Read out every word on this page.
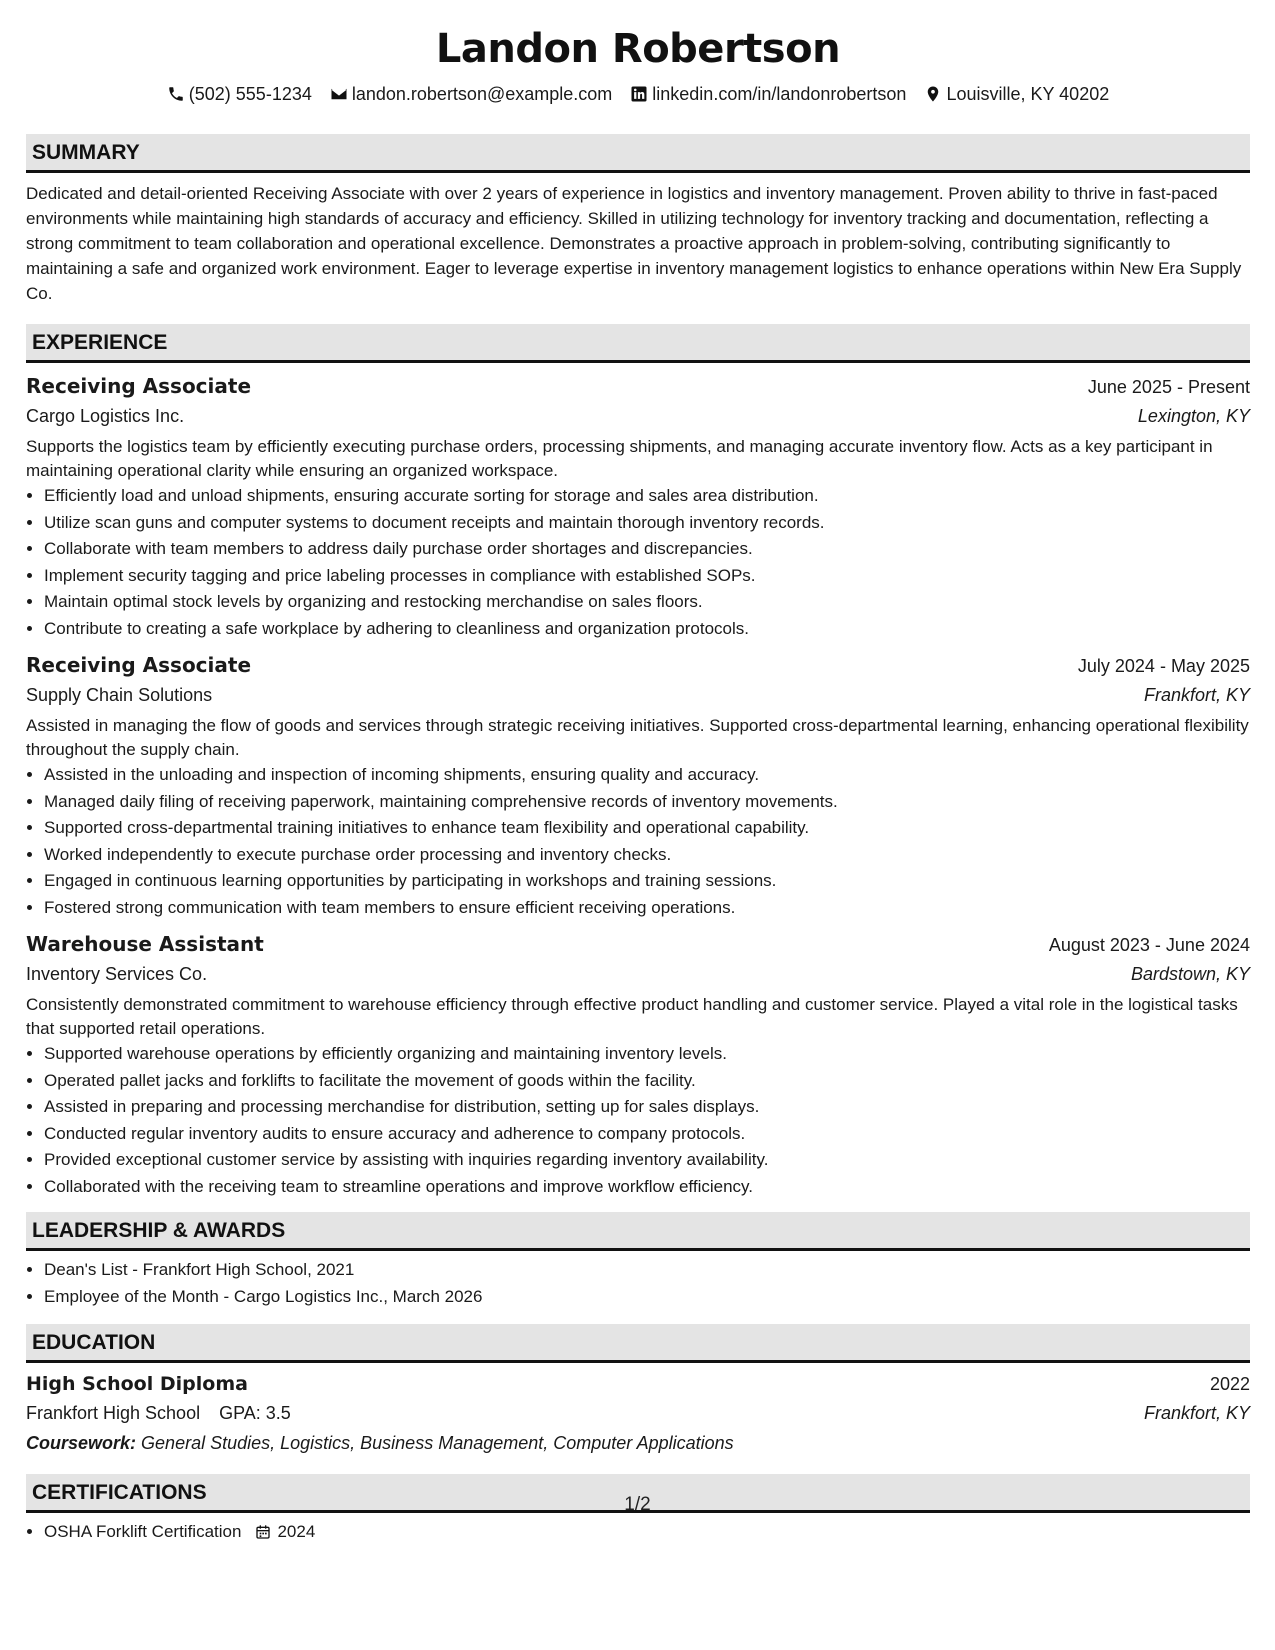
Landon Robertson
(502) 555-1234 landon.robertson@example.com linkedin.com/in/landonrobertson Louisville, KY 40202
SUMMARY
Dedicated and detail-oriented Receiving Associate with over 2 years of experience in logistics and inventory management. Proven ability to thrive in fast-paced environments while maintaining high standards of accuracy and efficiency. Skilled in utilizing technology for inventory tracking and documentation, reflecting a strong commitment to team collaboration and operational excellence. Demonstrates a proactive approach in problem-solving, contributing significantly to maintaining a safe and organized work environment. Eager to leverage expertise in inventory management logistics to enhance operations within New Era Supply Co.
EXPERIENCE
Receiving Associate	June 2025 - Present
Cargo Logistics Inc.	Lexington, KY
Supports the logistics team by efficiently executing purchase orders, processing shipments, and managing accurate inventory flow. Acts as a key participant in maintaining operational clarity while ensuring an organized workspace.
• Efficiently load and unload shipments, ensuring accurate sorting for storage and sales area distribution.
• Utilize scan guns and computer systems to document receipts and maintain thorough inventory records.
• Collaborate with team members to address daily purchase order shortages and discrepancies.
• Implement security tagging and price labeling processes in compliance with established SOPs.
• Maintain optimal stock levels by organizing and restocking merchandise on sales floors.
• Contribute to creating a safe workplace by adhering to cleanliness and organization protocols.
Receiving Associate	July 2024 - May 2025
Supply Chain Solutions	Frankfort, KY
Assisted in managing the flow of goods and services through strategic receiving initiatives. Supported cross-departmental learning, enhancing operational flexibility throughout the supply chain.
• Assisted in the unloading and inspection of incoming shipments, ensuring quality and accuracy.
• Managed daily filing of receiving paperwork, maintaining comprehensive records of inventory movements.
• Supported cross-departmental training initiatives to enhance team flexibility and operational capability.
• Worked independently to execute purchase order processing and inventory checks.
• Engaged in continuous learning opportunities by participating in workshops and training sessions.
• Fostered strong communication with team members to ensure efficient receiving operations.
Warehouse Assistant	August 2023 - June 2024
Inventory Services Co.	Bardstown, KY
Consistently demonstrated commitment to warehouse efficiency through effective product handling and customer service. Played a vital role in the logistical tasks that supported retail operations.
• Supported warehouse operations by efficiently organizing and maintaining inventory levels.
• Operated pallet jacks and forklifts to facilitate the movement of goods within the facility.
• Assisted in preparing and processing merchandise for distribution, setting up for sales displays.
• Conducted regular inventory audits to ensure accuracy and adherence to company protocols.
• Provided exceptional customer service by assisting with inquiries regarding inventory availability.
• Collaborated with the receiving team to streamline operations and improve workflow efficiency.
LEADERSHIP & AWARDS
• Dean's List - Frankfort High School, 2021
• Employee of the Month - Cargo Logistics Inc., March 2026
EDUCATION
High School Diploma	2022
Frankfort High School GPA: 3.5	Frankfort, KY
Coursework: General Studies, Logistics, Business Management, Computer Applications
CERTIFICATIONS
• OSHA Forklift Certification 2024
1/2
